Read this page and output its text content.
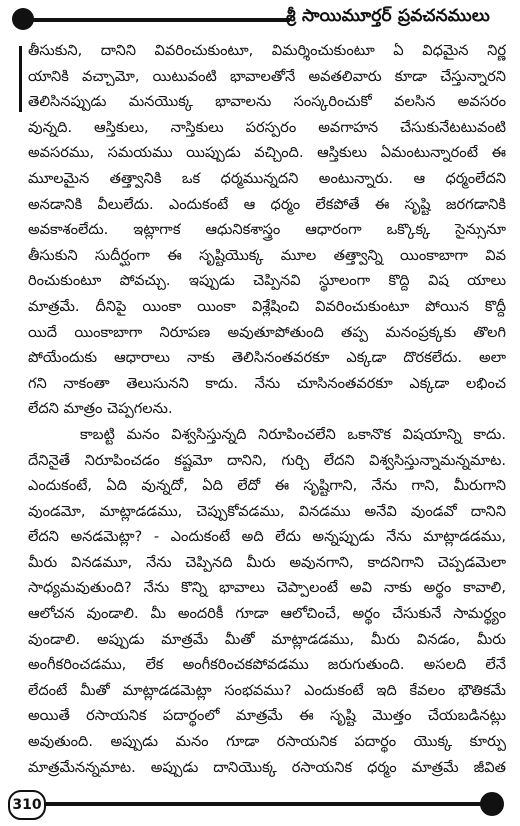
శ్రీ సాయిమూర్తర్ ప్రవచనములు
తీసుకుని, దానిని వివరించుకుంటూ, విమర్శించుకుంటూ ఏ విధమైన నిర్ణ
యానికి వచ్చామో, యిటువంటి భావాలతోనే అవతలివారు కూడా చేస్తున్నారని
తెలిసినప్పుడు మనయొక్క భావాలను సంస్కరించుకో వలసిన అవసరం
వున్నది. ఆస్తికులు, నాస్తికులు పరస్పరం అవగాహన చేసుకునేటటువంటి
అవసరము, సమయము యిప్పుడు వచ్చింది. ఆస్తికులు ఏమంటున్నారంటే ఈ
మూలమైన తత్త్వానికి ఒక ధర్మమున్నదని అంటున్నారు. ఆ ధర్మంలేదని
అనడానికి వీలులేదు. ఎందుకంటే ఆ ధర్మం లేకపోతే ఈ సృష్టి జరగడానికి
అవకాశంలేదు. ఇట్లాగాక ఆధునికశాస్త్రం ఆధారంగా ఒక్కొక్క సైన్సునూ
తీసుకుని సుదీర్ఘంగా ఈ సృష్టియొక్క మూల తత్త్వాన్ని యింకాబాగా వివ
రించుకుంటూ పోవచ్చు. ఇప్పుడు చెప్పినవి స్థూలంగా కొద్ది విష యాలు
మాత్రమే. దీనిపై యింకా యింకా విశ్లేషించి వివరించుకుంటూ పోయిన కొద్దీ
యిదే యింకాబాగా నిరూపణ అవుతూపోతుంది తప్ప మనంప్రక్కకు తొలగి
పోయేందుకు ఆధారాలు నాకు తెలిసినంతవరకూ ఎక్కడా దొరకలేదు. అలా
గని నాకంతా తెలుసునని కాదు. నేను చూసినంతవరకూ ఎక్కడా లభించ
లేదని మాత్రం చెప్పగలను.
కాబట్టి మనం విశ్వసిస్తున్నది నిరూపించలేని ఒకానొక విషయాన్ని కాదు.
దేనినైతే నిరూపించడం కష్టమో దానిని, గుర్చి లేదని విశ్వసిస్తున్నామన్నమాట.
ఎందుకంటే, ఏది వున్నదో, ఏది లేదో ఈ సృష్టిగాని, నేను గాని, మీరుగాని
వుండమో, మాట్లాడడము, చెప్పుకోవడము, వినడము అనేవి వుండవో దానిని
లేదని అనడమెట్లా? - ఎందుకంటే అది లేదు అన్నప్పుడు నేను మాట్లాడడము,
మీరు వినడమూ, నేను చెప్పినది మీరు అవునగాని, కాదనిగాని చెప్పడమెలా
సాధ్యమవుతుంది? నేను కొన్ని భావాలు చెప్పాలంటే అవి నాకు అర్థం కావాలి,
ఆలోచన వుండాలి. మీ అందరికీ గూడా ఆలోచించే, అర్థం చేసుకునే సామర్థ్యం
వుండాలి. అప్పుడు మాత్రమే మీతో మాట్లాడడము, మీరు వినడం, మీరు
అంగీకరించడము, లేక అంగీకరించకపోవడము జరుగుతుంది. అసలది లేనే
లేదంటే మీతో మాట్లాడడమెట్లా సంభవము? ఎందుకంటే ఇది కేవలం భౌతికమే
అయితే రసాయనిక పదార్థంలో మాత్రమే ఈ సృష్టి మొత్తం చేయబడినట్లు
అవుతుంది. అప్పుడు మనం గూడా రసాయనిక పదార్థం యొక్క కూర్పు
మాత్రమేనన్నమాట. అప్పుడు దానియొక్క రసాయనిక ధర్మం మాత్రమే జీవిత
310
